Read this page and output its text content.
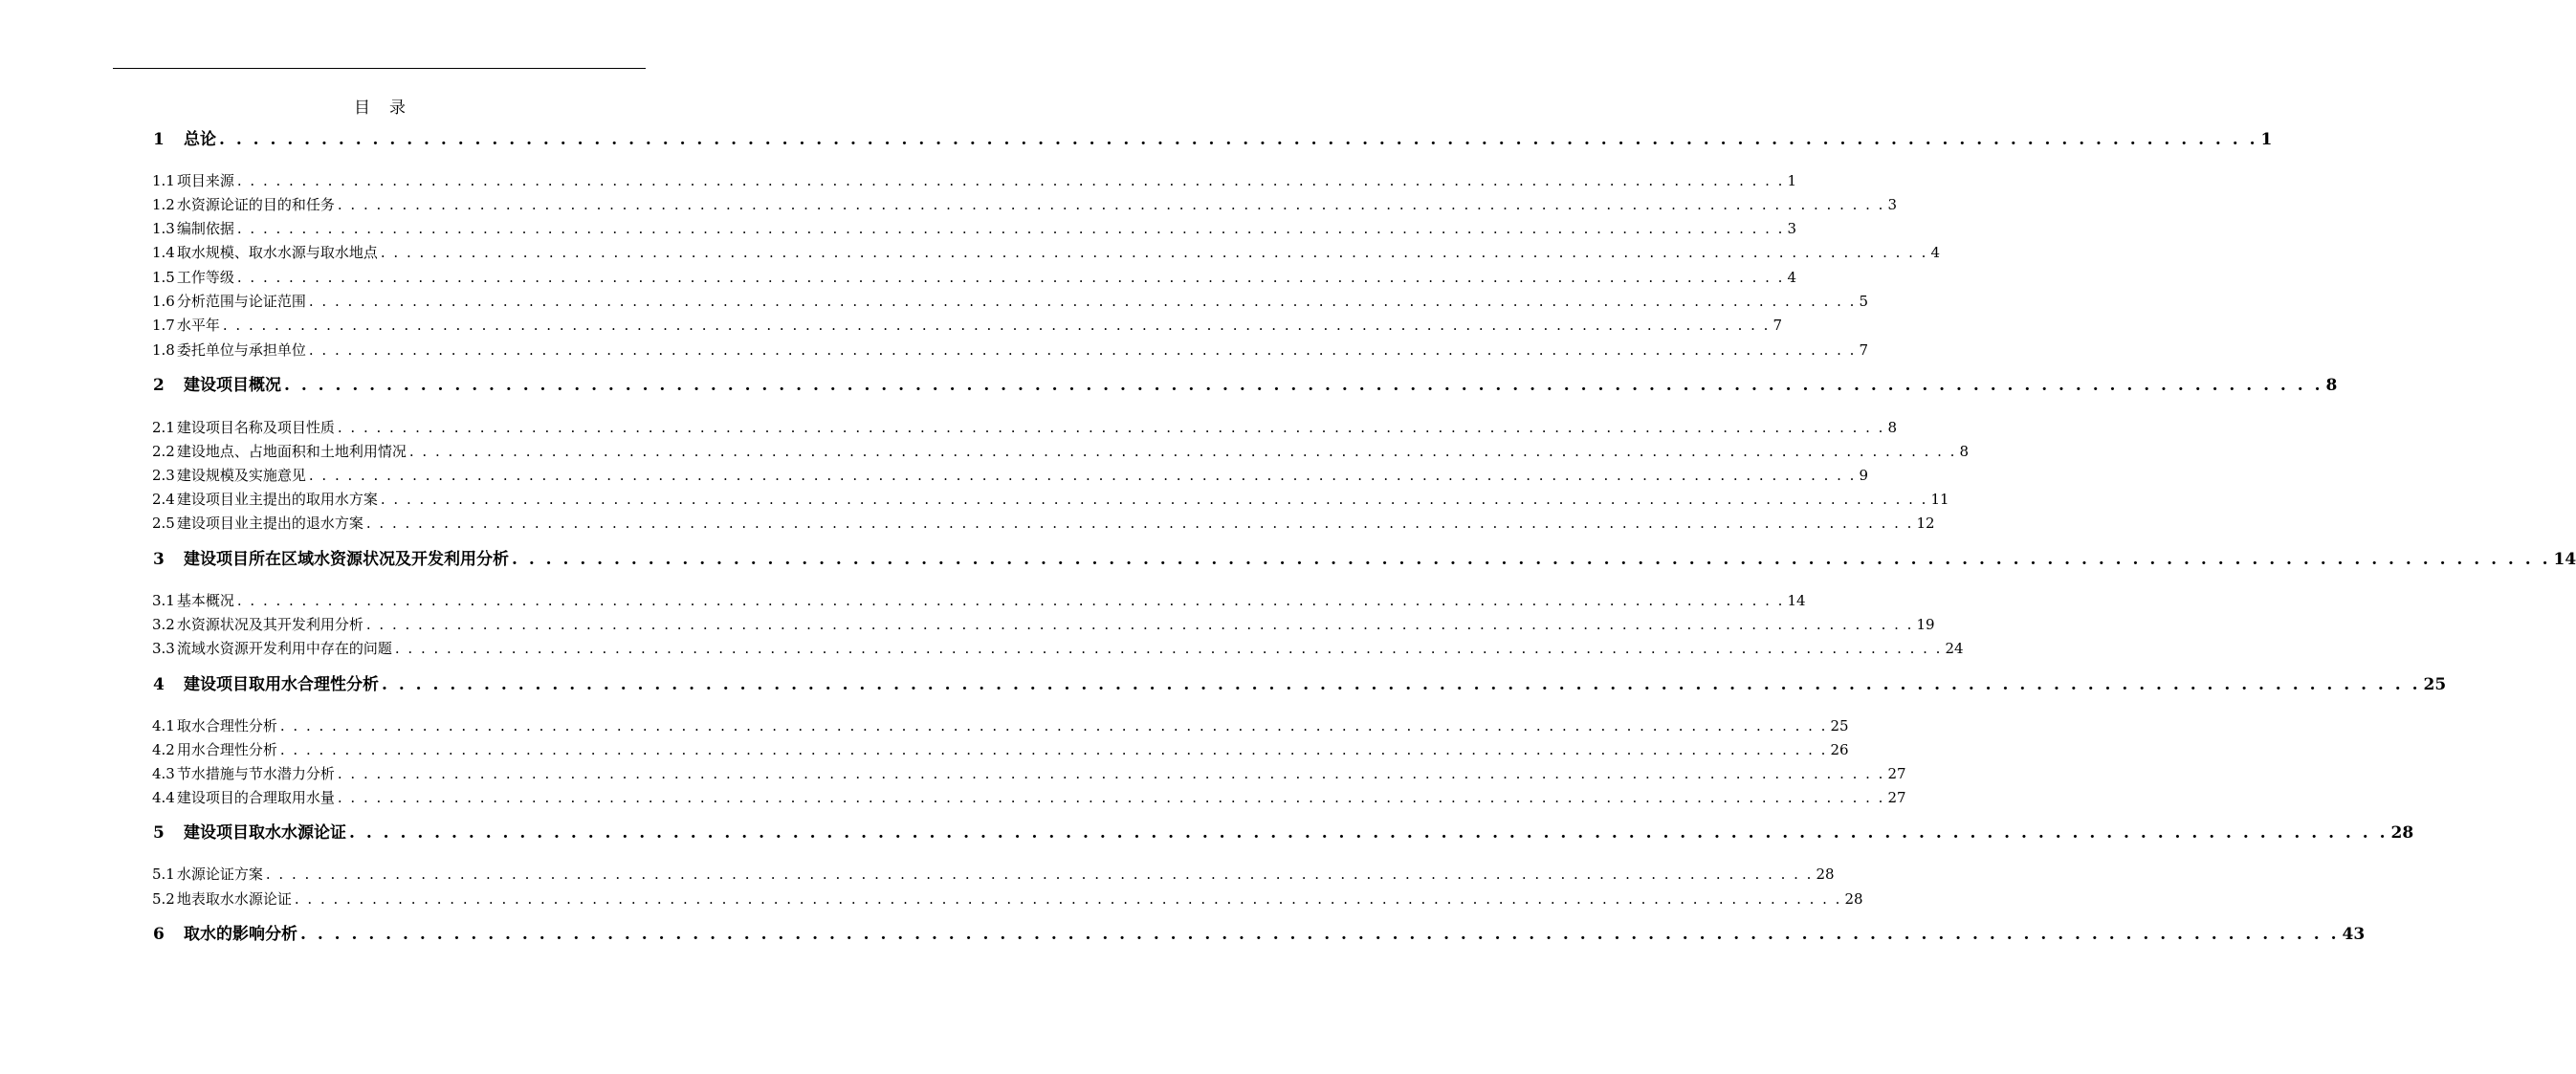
目 录
1	总论 . . . . . . . . . . . . . . . . . . . . . . . . . . . . . . . . . . . . . . . . . . . . . . . . . . . . . . . . . . . . . . . . . . . . . . . . . . . . . . . . . . . . . . . . . . . . . . . . . . . . . . . . . . . . . . . . . . . . . . . . 1
1.1 项目来源 . . . . . . . . . . . . . . . . . . . . . . . . . . . . . . . . . . . . . . . . . . . . . . . . . . . . . . . . . . . . . . . . . . . . . . . . . . . . . . . . . . . . . . . . . . . . . . . . . . . . . . . . . . . . . . . . . . . . . . . . 1
1.2 水资源论证的目的和任务 . . . . . . . . . . . . . . . . . . . . . . . . . . . . . . . . . . . . . . . . . . . . . . . . . . . . . . . . . . . . . . . . . . . . . . . . . . . . . . . . . . . . . . . . . . . . . . . . . . . . . . . . . . . . . . . . . . . . . . . . 3
1.3 编制依据 . . . . . . . . . . . . . . . . . . . . . . . . . . . . . . . . . . . . . . . . . . . . . . . . . . . . . . . . . . . . . . . . . . . . . . . . . . . . . . . . . . . . . . . . . . . . . . . . . . . . . . . . . . . . . . . . . . . . . . . . 3
1.4 取水规模、取水水源与取水地点 . . . . . . . . . . . . . . . . . . . . . . . . . . . . . . . . . . . . . . . . . . . . . . . . . . . . . . . . . . . . . . . . . . . . . . . . . . . . . . . . . . . . . . . . . . . . . . . . . . . . . . . . . . . . . . . . . . . . . . . . 4
1.5 工作等级 . . . . . . . . . . . . . . . . . . . . . . . . . . . . . . . . . . . . . . . . . . . . . . . . . . . . . . . . . . . . . . . . . . . . . . . . . . . . . . . . . . . . . . . . . . . . . . . . . . . . . . . . . . . . . . . . . . . . . . . . 4
1.6 分析范围与论证范围 . . . . . . . . . . . . . . . . . . . . . . . . . . . . . . . . . . . . . . . . . . . . . . . . . . . . . . . . . . . . . . . . . . . . . . . . . . . . . . . . . . . . . . . . . . . . . . . . . . . . . . . . . . . . . . . . . . . . . . . . 5
1.7 水平年 . . . . . . . . . . . . . . . . . . . . . . . . . . . . . . . . . . . . . . . . . . . . . . . . . . . . . . . . . . . . . . . . . . . . . . . . . . . . . . . . . . . . . . . . . . . . . . . . . . . . . . . . . . . . . . . . . . . . . . . . 7
1.8 委托单位与承担单位 . . . . . . . . . . . . . . . . . . . . . . . . . . . . . . . . . . . . . . . . . . . . . . . . . . . . . . . . . . . . . . . . . . . . . . . . . . . . . . . . . . . . . . . . . . . . . . . . . . . . . . . . . . . . . . . . . . . . . . . . 7
2	建设项目概况 . . . . . . . . . . . . . . . . . . . . . . . . . . . . . . . . . . . . . . . . . . . . . . . . . . . . . . . . . . . . . . . . . . . . . . . . . . . . . . . . . . . . . . . . . . . . . . . . . . . . . . . . . . . . . . . . . . . . . . . . 8
2.1 建设项目名称及项目性质 . . . . . . . . . . . . . . . . . . . . . . . . . . . . . . . . . . . . . . . . . . . . . . . . . . . . . . . . . . . . . . . . . . . . . . . . . . . . . . . . . . . . . . . . . . . . . . . . . . . . . . . . . . . . . . . . . . . . . . . . 8
2.2 建设地点、占地面积和土地利用情况 . . . . . . . . . . . . . . . . . . . . . . . . . . . . . . . . . . . . . . . . . . . . . . . . . . . . . . . . . . . . . . . . . . . . . . . . . . . . . . . . . . . . . . . . . . . . . . . . . . . . . . . . . . . . . . . . . . . . . . . . 8
2.3 建设规模及实施意见 . . . . . . . . . . . . . . . . . . . . . . . . . . . . . . . . . . . . . . . . . . . . . . . . . . . . . . . . . . . . . . . . . . . . . . . . . . . . . . . . . . . . . . . . . . . . . . . . . . . . . . . . . . . . . . . . . . . . . . . . 9
2.4 建设项目业主提出的取用水方案 . . . . . . . . . . . . . . . . . . . . . . . . . . . . . . . . . . . . . . . . . . . . . . . . . . . . . . . . . . . . . . . . . . . . . . . . . . . . . . . . . . . . . . . . . . . . . . . . . . . . . . . . . . . . . . . . . . . . . . . . 11
2.5 建设项目业主提出的退水方案 . . . . . . . . . . . . . . . . . . . . . . . . . . . . . . . . . . . . . . . . . . . . . . . . . . . . . . . . . . . . . . . . . . . . . . . . . . . . . . . . . . . . . . . . . . . . . . . . . . . . . . . . . . . . . . . . . . . . . . . . 12
3	建设项目所在区域水资源状况及开发利用分析 . . . . . . . . . . . . . . . . . . . . . . . . . . . . . . . . . . . . . . . . . . . . . . . . . . . . . . . . . . . . . . . . . . . . . . . . . . . . . . . . . . . . . . . . . . . . . . . . . . . . . . . . . . . . . . . . . . . . . . . . 14
3.1 基本概况 . . . . . . . . . . . . . . . . . . . . . . . . . . . . . . . . . . . . . . . . . . . . . . . . . . . . . . . . . . . . . . . . . . . . . . . . . . . . . . . . . . . . . . . . . . . . . . . . . . . . . . . . . . . . . . . . . . . . . . . . 14
3.2 水资源状况及其开发利用分析 . . . . . . . . . . . . . . . . . . . . . . . . . . . . . . . . . . . . . . . . . . . . . . . . . . . . . . . . . . . . . . . . . . . . . . . . . . . . . . . . . . . . . . . . . . . . . . . . . . . . . . . . . . . . . . . . . . . . . . . . 19
3.3 流域水资源开发利用中存在的问题 . . . . . . . . . . . . . . . . . . . . . . . . . . . . . . . . . . . . . . . . . . . . . . . . . . . . . . . . . . . . . . . . . . . . . . . . . . . . . . . . . . . . . . . . . . . . . . . . . . . . . . . . . . . . . . . . . . . . . . . . 24
4	建设项目取用水合理性分析 . . . . . . . . . . . . . . . . . . . . . . . . . . . . . . . . . . . . . . . . . . . . . . . . . . . . . . . . . . . . . . . . . . . . . . . . . . . . . . . . . . . . . . . . . . . . . . . . . . . . . . . . . . . . . . . . . . . . . . . . 25
4.1 取水合理性分析 . . . . . . . . . . . . . . . . . . . . . . . . . . . . . . . . . . . . . . . . . . . . . . . . . . . . . . . . . . . . . . . . . . . . . . . . . . . . . . . . . . . . . . . . . . . . . . . . . . . . . . . . . . . . . . . . . . . . . . . . 25
4.2 用水合理性分析 . . . . . . . . . . . . . . . . . . . . . . . . . . . . . . . . . . . . . . . . . . . . . . . . . . . . . . . . . . . . . . . . . . . . . . . . . . . . . . . . . . . . . . . . . . . . . . . . . . . . . . . . . . . . . . . . . . . . . . . . 26
4.3 节水措施与节水潜力分析 . . . . . . . . . . . . . . . . . . . . . . . . . . . . . . . . . . . . . . . . . . . . . . . . . . . . . . . . . . . . . . . . . . . . . . . . . . . . . . . . . . . . . . . . . . . . . . . . . . . . . . . . . . . . . . . . . . . . . . . . 27
4.4 建设项目的合理取用水量 . . . . . . . . . . . . . . . . . . . . . . . . . . . . . . . . . . . . . . . . . . . . . . . . . . . . . . . . . . . . . . . . . . . . . . . . . . . . . . . . . . . . . . . . . . . . . . . . . . . . . . . . . . . . . . . . . . . . . . . . 27
5	建设项目取水水源论证 . . . . . . . . . . . . . . . . . . . . . . . . . . . . . . . . . . . . . . . . . . . . . . . . . . . . . . . . . . . . . . . . . . . . . . . . . . . . . . . . . . . . . . . . . . . . . . . . . . . . . . . . . . . . . . . . . . . . . . . . 28
5.1 水源论证方案 . . . . . . . . . . . . . . . . . . . . . . . . . . . . . . . . . . . . . . . . . . . . . . . . . . . . . . . . . . . . . . . . . . . . . . . . . . . . . . . . . . . . . . . . . . . . . . . . . . . . . . . . . . . . . . . . . . . . . . . . 28
5.2 地表取水水源论证 . . . . . . . . . . . . . . . . . . . . . . . . . . . . . . . . . . . . . . . . . . . . . . . . . . . . . . . . . . . . . . . . . . . . . . . . . . . . . . . . . . . . . . . . . . . . . . . . . . . . . . . . . . . . . . . . . . . . . . . . 28
6	取水的影响分析 . . . . . . . . . . . . . . . . . . . . . . . . . . . . . . . . . . . . . . . . . . . . . . . . . . . . . . . . . . . . . . . . . . . . . . . . . . . . . . . . . . . . . . . . . . . . . . . . . . . . . . . . . . . . . . . . . . . . . . . . 43
